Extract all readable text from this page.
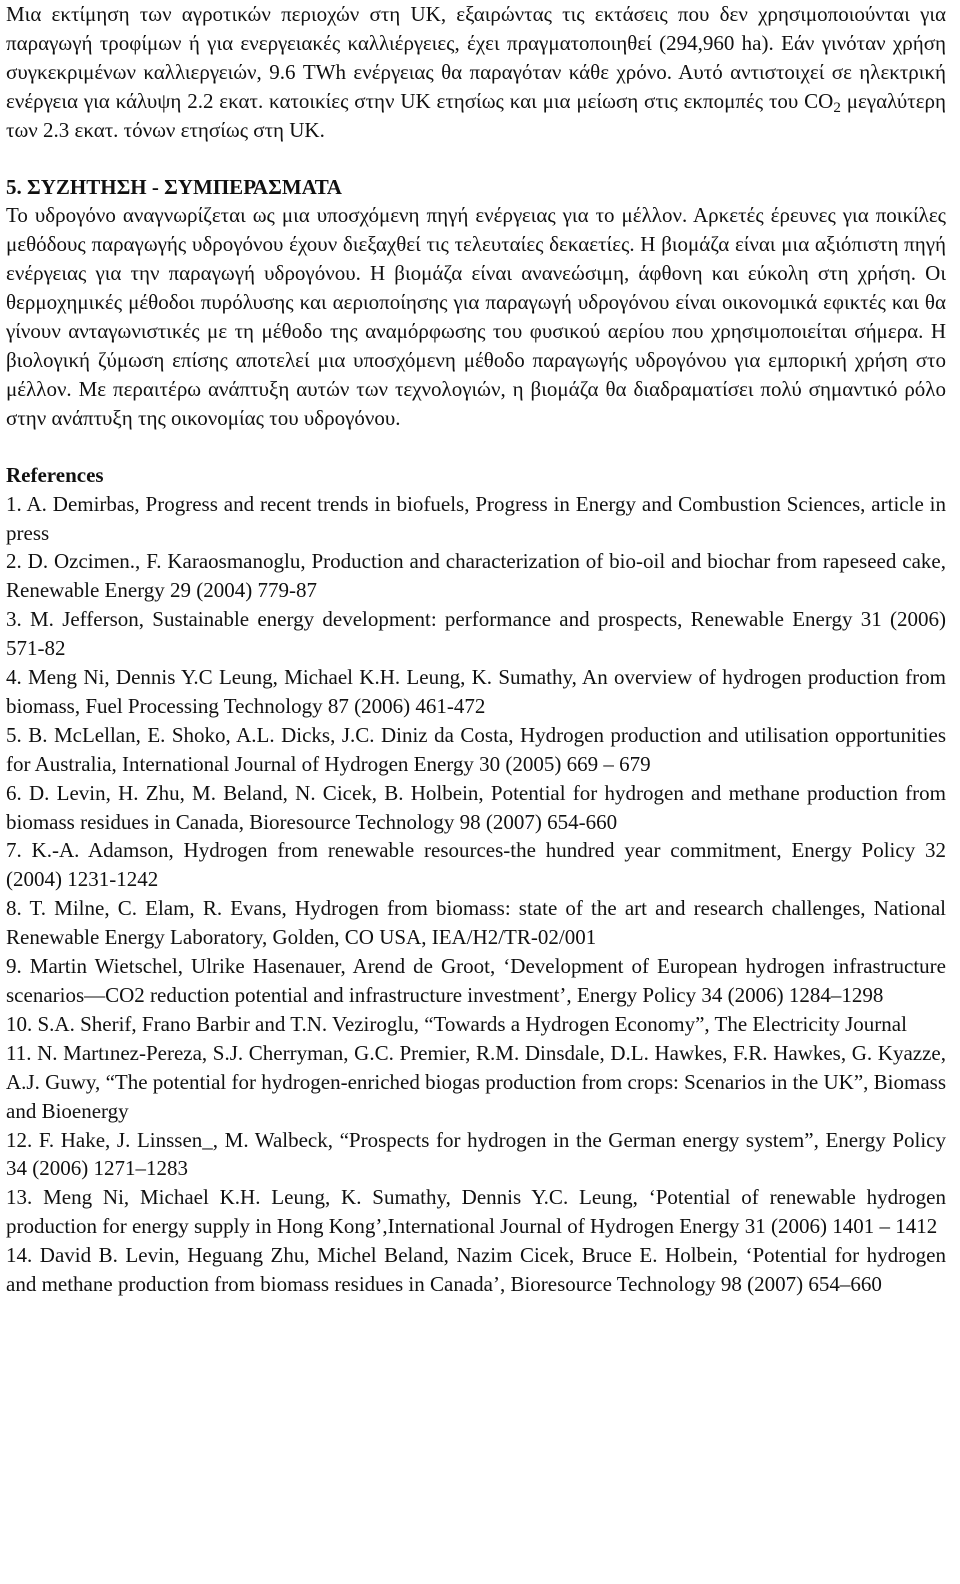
Μια εκτίμηση των αγροτικών περιοχών στη UK, εξαιρώντας τις εκτάσεις που δεν χρησιμοποιούνται για παραγωγή τροφίμων ή για ενεργειακές καλλιέργειες, έχει πραγματοποιηθεί (294,960 ha). Εάν γινόταν χρήση συγκεκριμένων καλλιεργειών, 9.6 TWh ενέργειας θα παραγόταν κάθε χρόνο. Αυτό αντιστοιχεί σε ηλεκτρική ενέργεια για κάλυψη 2.2 εκατ. κατοικίες στην UK ετησίως και μια μείωση στις εκπομπές του $CO_2$ μεγαλύτερη των 2.3 εκατ. τόνων ετησίως στη UK.

5. ΣΥΖΗΤΗΣΗ - ΣΥΜΠΕΡΑΣΜΑΤΑ

Το υδρογόνο αναγνωρίζεται ως μια υποσχόμενη πηγή ενέργειας για το μέλλον. Αρκετές έρευνες για ποικίλες μεθόδους παραγωγής υδρογόνου έχουν διεξαχθεί τις τελευταίες δεκαετίες. Η βιομάζα είναι μια αξιόπιστη πηγή ενέργειας για την παραγωγή υδρογόνου. Η βιομάζα είναι ανανεώσιμη, άφθονη και εύκολη στη χρήση. Οι θερμοχημικές μέθοδοι πυρόλυσης και αεριοποίησης για παραγωγή υδρογόνου είναι οικονομικά εφικτές και θα γίνουν ανταγωνιστικές με τη μέθοδο της αναμόρφωσης του φυσικού αερίου που χρησιμοποιείται σήμερα. Η βιολογική ζύμωση επίσης αποτελεί μια υποσχόμενη μέθοδο παραγωγής υδρογόνου για εμπορική χρήση στο μέλλον. Με περαιτέρω ανάπτυξη αυτών των τεχνολογιών, η βιομάζα θα διαδραματίσει πολύ σημαντικό ρόλο στην ανάπτυξη της οικονομίας του υδρογόνου.

References

1. A. Demirbas, Progress and recent trends in biofuels, Progress in Energy and Combustion Sciences, article in press

2. D. Ozcimen., F. Karaosmanoglu, Production and characterization of bio-oil and biochar from rapeseed cake, Renewable Energy 29 (2004) 779-87

3. M. Jefferson, Sustainable energy development: performance and prospects, Renewable Energy 31 (2006) 571-82

4. Meng Ni, Dennis Y.C Leung, Michael K.H. Leung, K. Sumathy, An overview of hydrogen production from biomass, Fuel Processing Technology 87 (2006) 461-472

5. B. McLellan, E. Shoko, A.L. Dicks, J.C. Diniz da Costa, Hydrogen production and utilisation opportunities for Australia, International Journal of Hydrogen Energy 30 (2005) 669 – 679

6. D. Levin, H. Zhu, M. Beland, N. Cicek, B. Holbein, Potential for hydrogen and methane production from biomass residues in Canada, Bioresource Technology 98 (2007) 654-660

7. K.-A. Adamson, Hydrogen from renewable resources-the hundred year commitment, Energy Policy 32 (2004) 1231-1242

8. T. Milne, C. Elam, R. Evans, Hydrogen from biomass: state of the art and research challenges, National Renewable Energy Laboratory, Golden, CO USA, IEA/H2/TR-02/001

9. Martin Wietschel, Ulrike Hasenauer, Arend de Groot, ‘Development of European hydrogen infrastructure scenarios—CO2 reduction potential and infrastructure investment’, Energy Policy 34 (2006) 1284–1298

10. S.A. Sherif, Frano Barbir and T.N. Veziroglu, “Towards a Hydrogen Economy”, The Electricity Journal

11. N. Martınez-Pereza, S.J. Cherryman, G.C. Premier, R.M. Dinsdale, D.L. Hawkes, F.R. Hawkes, G. Kyazze, A.J. Guwy, “The potential for hydrogen-enriched biogas production from crops: Scenarios in the UK”, Biomass and Bioenergy

12. F. Hake, J. Linssen_, M. Walbeck, “Prospects for hydrogen in the German energy system”, Energy Policy 34 (2006) 1271–1283

13. Meng Ni, Michael K.H. Leung, K. Sumathy, Dennis Y.C. Leung, ‘Potential of renewable hydrogen production for energy supply in Hong Kong’,International Journal of Hydrogen Energy 31 (2006) 1401 – 1412

14. David B. Levin, Heguang Zhu, Michel Beland, Nazim Cicek, Bruce E. Holbein, ‘Potential for hydrogen and methane production from biomass residues in Canada’, Bioresource Technology 98 (2007) 654–660
